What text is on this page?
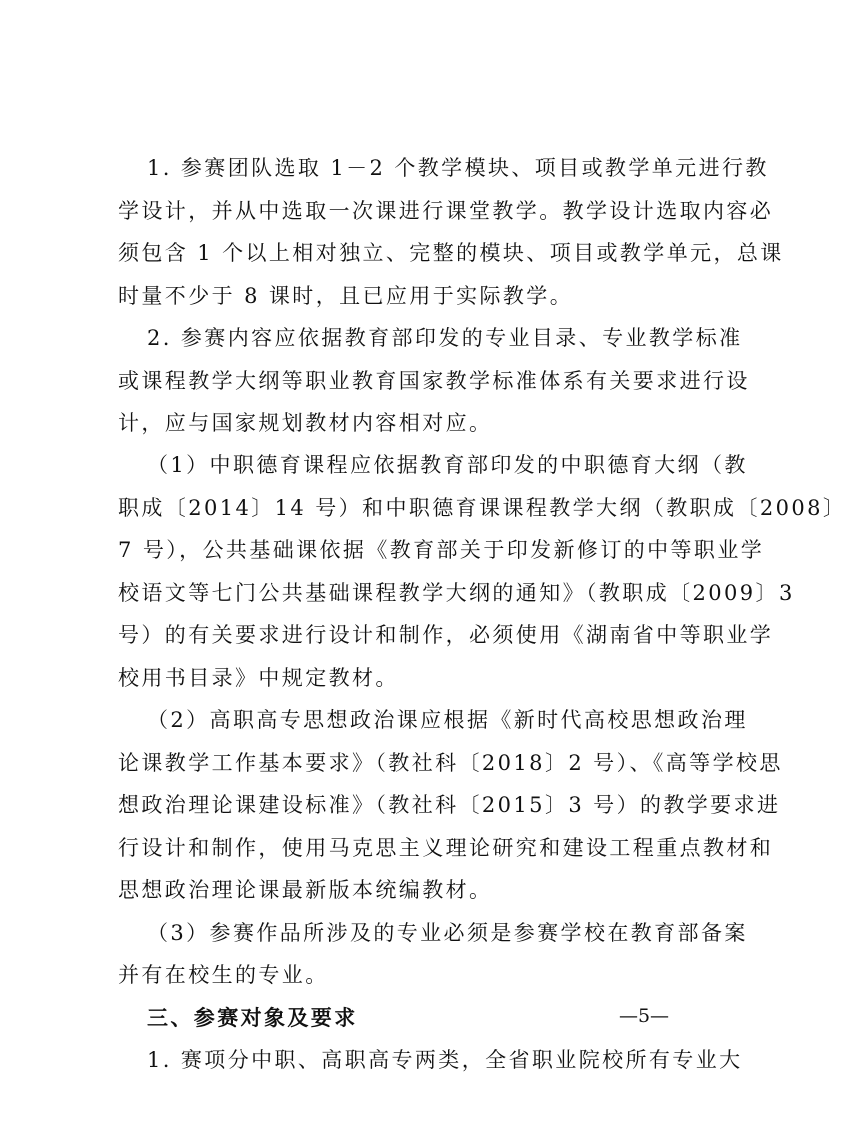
1. 参赛团队选取 1－2 个教学模块、项目或教学单元进行教
学设计，并从中选取一次课进行课堂教学。教学设计选取内容必
须包含 1 个以上相对独立、完整的模块、项目或教学单元，总课
时量不少于 8 课时，且已应用于实际教学。
2. 参赛内容应依据教育部印发的专业目录、专业教学标准
或课程教学大纲等职业教育国家教学标准体系有关要求进行设
计，应与国家规划教材内容相对应。
（1）中职德育课程应依据教育部印发的中职德育大纲（教
职成〔2014〕14 号）和中职德育课课程教学大纲（教职成〔2008〕
7 号），公共基础课依据《教育部关于印发新修订的中等职业学
校语文等七门公共基础课程教学大纲的通知》（教职成〔2009〕3
号）的有关要求进行设计和制作，必须使用《湖南省中等职业学
校用书目录》中规定教材。
（2）高职高专思想政治课应根据《新时代高校思想政治理
论课教学工作基本要求》（教社科〔2018〕2 号）、《高等学校思
想政治理论课建设标准》（教社科〔2015〕3 号）的教学要求进
行设计和制作，使用马克思主义理论研究和建设工程重点教材和
思想政治理论课最新版本统编教材。
（3）参赛作品所涉及的专业必须是参赛学校在教育部备案
并有在校生的专业。
三、参赛对象及要求
1. 赛项分中职、高职高专两类，全省职业院校所有专业大
—5—
